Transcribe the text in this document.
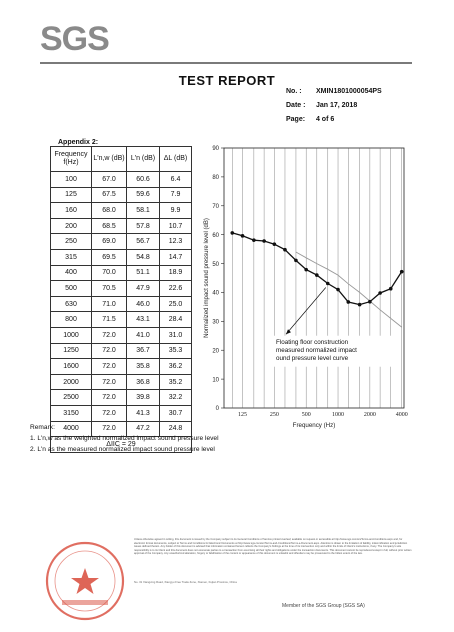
SGS
TEST REPORT
No. : XMIN1801000054PS
Date : Jan 17, 2018
Page: 4 of 6
Appendix 2:
Frequency f(Hz)	L'n,w (dB)	L'n (dB)	ΔL (dB)
100	67.0	60.6	6.4
125	67.5	59.6	7.9
160	68.0	58.1	9.9
200	68.5	57.8	10.7
250	69.0	56.7	12.3
315	69.5	54.8	14.7
400	70.0	51.1	18.9
500	70.5	47.9	22.6
630	71.0	46.0	25.0
800	71.5	43.1	28.4
1000	72.0	41.0	31.0
1250	72.0	36.7	35.3
1600	72.0	35.8	36.2
2000	72.0	36.8	35.2
2500	72.0	39.8	32.2
3150	72.0	41.3	30.7
4000	72.0	47.2	24.8
ΔIIC = 29			
0
10
20
30
40
50
60
70
80
90
125	250	500	1000	2000	4000
Normalized impact sound pressure level (dB)
Frequency (Hz)
Floating floor construction
measured normalized impact
ound pressure level curve
Remark:
1. L'n,w as the weighted normalized impact sound pressure level
2. L'n as the measured normalized impact sound pressure level
Unless otherwise agreed in writing, this document is issued by the Company subject to its General Conditions of Service printed overleaf, available on request or accessible at http://www.sgs.com/en/Terms-and-Conditions.aspx and, for electronic format documents, subject to Terms and Conditions for Electronic Documents at http://www.sgs.com/en/Terms-and-Conditions/Terms-e-Document.aspx. Attention is drawn to the limitation of liability, indemnification and jurisdiction issues defined therein. Any holder of this document is advised that information contained hereon reflects the Company's findings at the time of its intervention only and within the limits of Client's instructions, if any. The Company's sole responsibility is to its Client and this document does not exonerate parties to a transaction from exercising all their rights and obligations under the transaction documents. This document cannot be reproduced except in full, without prior written approval of the Company. Any unauthorized alteration, forgery or falsification of the content or appearance of this document is unlawful and offenders may be prosecuted to the fullest extent of the law.
No. 31 Xiangxing Road, Xiangyu Free Trade Zone, Xiamen, Fujian Province, China
Member of the SGS Group (SGS SA)
